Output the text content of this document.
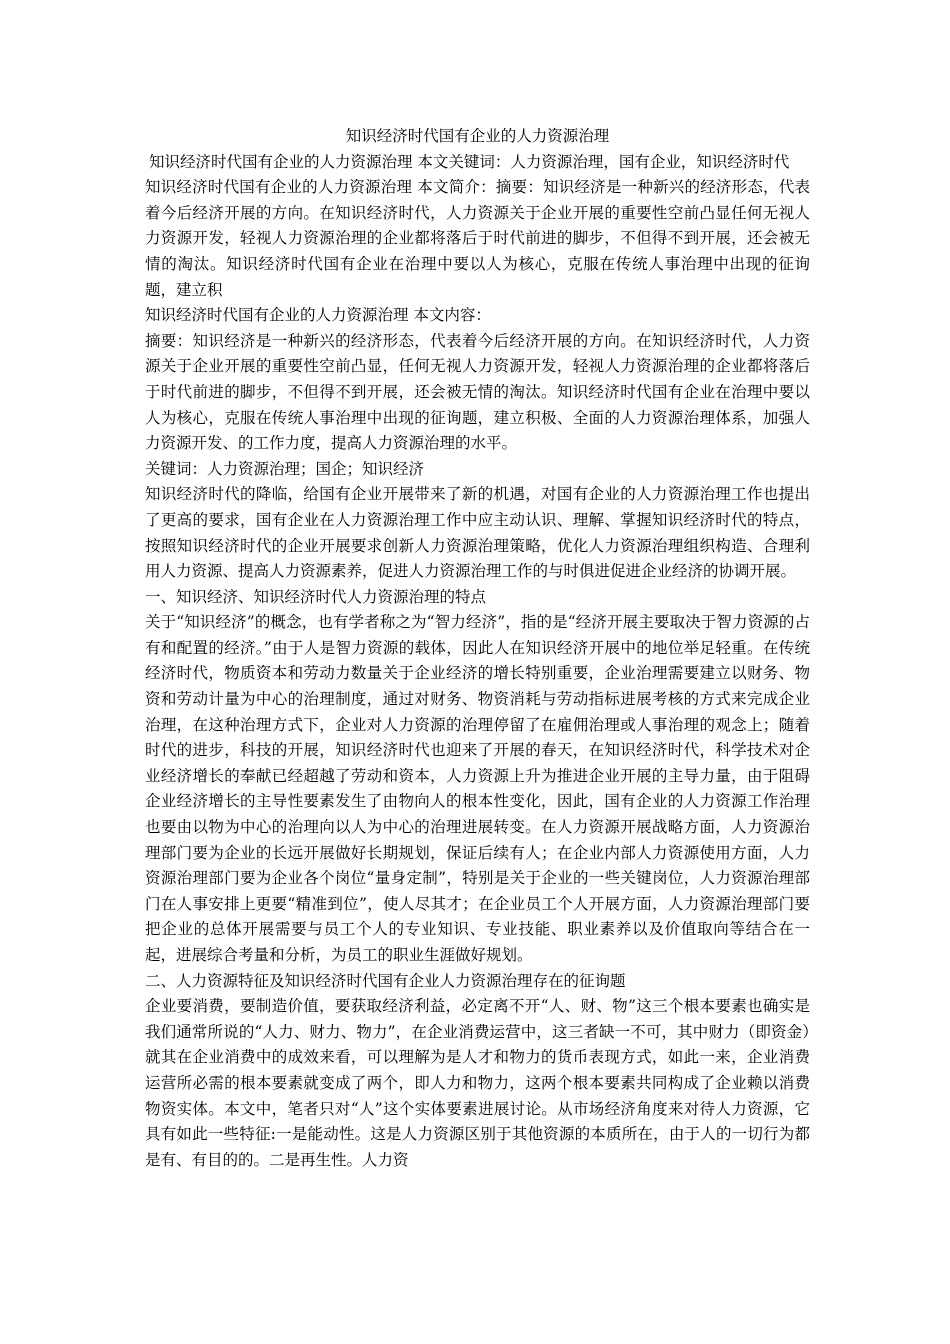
知识经济时代国有企业的人力资源治理

知识经济时代国有企业的人力资源治理 本文关键词：人力资源治理，国有企业，知识经济时代

知识经济时代国有企业的人力资源治理 本文简介：摘要：知识经济是一种新兴的经济形态，代表着今后经济开展的方向。在知识经济时代，人力资源关于企业开展的重要性空前凸显任何无视人力资源开发，轻视人力资源治理的企业都将落后于时代前进的脚步，不但得不到开展，还会被无情的淘汰。知识经济时代国有企业在治理中要以人为核心，克服在传统人事治理中出现的征询题，建立积

知识经济时代国有企业的人力资源治理 本文内容：

摘要：知识经济是一种新兴的经济形态，代表着今后经济开展的方向。在知识经济时代，人力资源关于企业开展的重要性空前凸显，任何无视人力资源开发，轻视人力资源治理的企业都将落后于时代前进的脚步，不但得不到开展，还会被无情的淘汰。知识经济时代国有企业在治理中要以人为核心，克服在传统人事治理中出现的征询题，建立积极、全面的人力资源治理体系，加强人力资源开发、的工作力度，提高人力资源治理的水平。

关键词：人力资源治理；国企；知识经济

知识经济时代的降临，给国有企业开展带来了新的机遇，对国有企业的人力资源治理工作也提出了更高的要求，国有企业在人力资源治理工作中应主动认识、理解、掌握知识经济时代的特点，按照知识经济时代的企业开展要求创新人力资源治理策略，优化人力资源治理组织构造、合理利用人力资源、提高人力资源素养，促进人力资源治理工作的与时俱进促进企业经济的协调开展。

一、知识经济、知识经济时代人力资源治理的特点

关于“知识经济”的概念，也有学者称之为“智力经济”，指的是“经济开展主要取决于智力资源的占有和配置的经济。”由于人是智力资源的载体，因此人在知识经济开展中的地位举足轻重。在传统经济时代，物质资本和劳动力数量关于企业经济的增长特别重要，企业治理需要建立以财务、物资和劳动计量为中心的治理制度，通过对财务、物资消耗与劳动指标进展考核的方式来完成企业治理，在这种治理方式下，企业对人力资源的治理停留了在雇佣治理或人事治理的观念上；随着时代的进步，科技的开展，知识经济时代也迎来了开展的春天，在知识经济时代，科学技术对企业经济增长的奉献已经超越了劳动和资本，人力资源上升为推进企业开展的主导力量，由于阻碍企业经济增长的主导性要素发生了由物向人的根本性变化，因此，国有企业的人力资源工作治理也要由以物为中心的治理向以人为中心的治理进展转变。在人力资源开展战略方面，人力资源治理部门要为企业的长远开展做好长期规划，保证后续有人；在企业内部人力资源使用方面，人力资源治理部门要为企业各个岗位“量身定制”，特别是关于企业的一些关键岗位，人力资源治理部门在人事安排上更要“精准到位”，使人尽其才；在企业员工个人开展方面，人力资源治理部门要把企业的总体开展需要与员工个人的专业知识、专业技能、职业素养以及价值取向等结合在一起，进展综合考量和分析，为员工的职业生涯做好规划。

二、人力资源特征及知识经济时代国有企业人力资源治理存在的征询题

企业要消费，要制造价值，要获取经济利益，必定离不开“人、财、物”这三个根本要素也确实是我们通常所说的“人力、财力、物力”，在企业消费运营中，这三者缺一不可，其中财力（即资金）就其在企业消费中的成效来看，可以理解为是人才和物力的货币表现方式，如此一来，企业消费运营所必需的根本要素就变成了两个，即人力和物力，这两个根本要素共同构成了企业赖以消费物资实体。本文中，笔者只对“人”这个实体要素进展讨论。从市场经济角度来对待人力资源，它具有如此一些特征:一是能动性。这是人力资源区别于其他资源的本质所在，由于人的一切行为都是有、有目的的。二是再生性。人力资
